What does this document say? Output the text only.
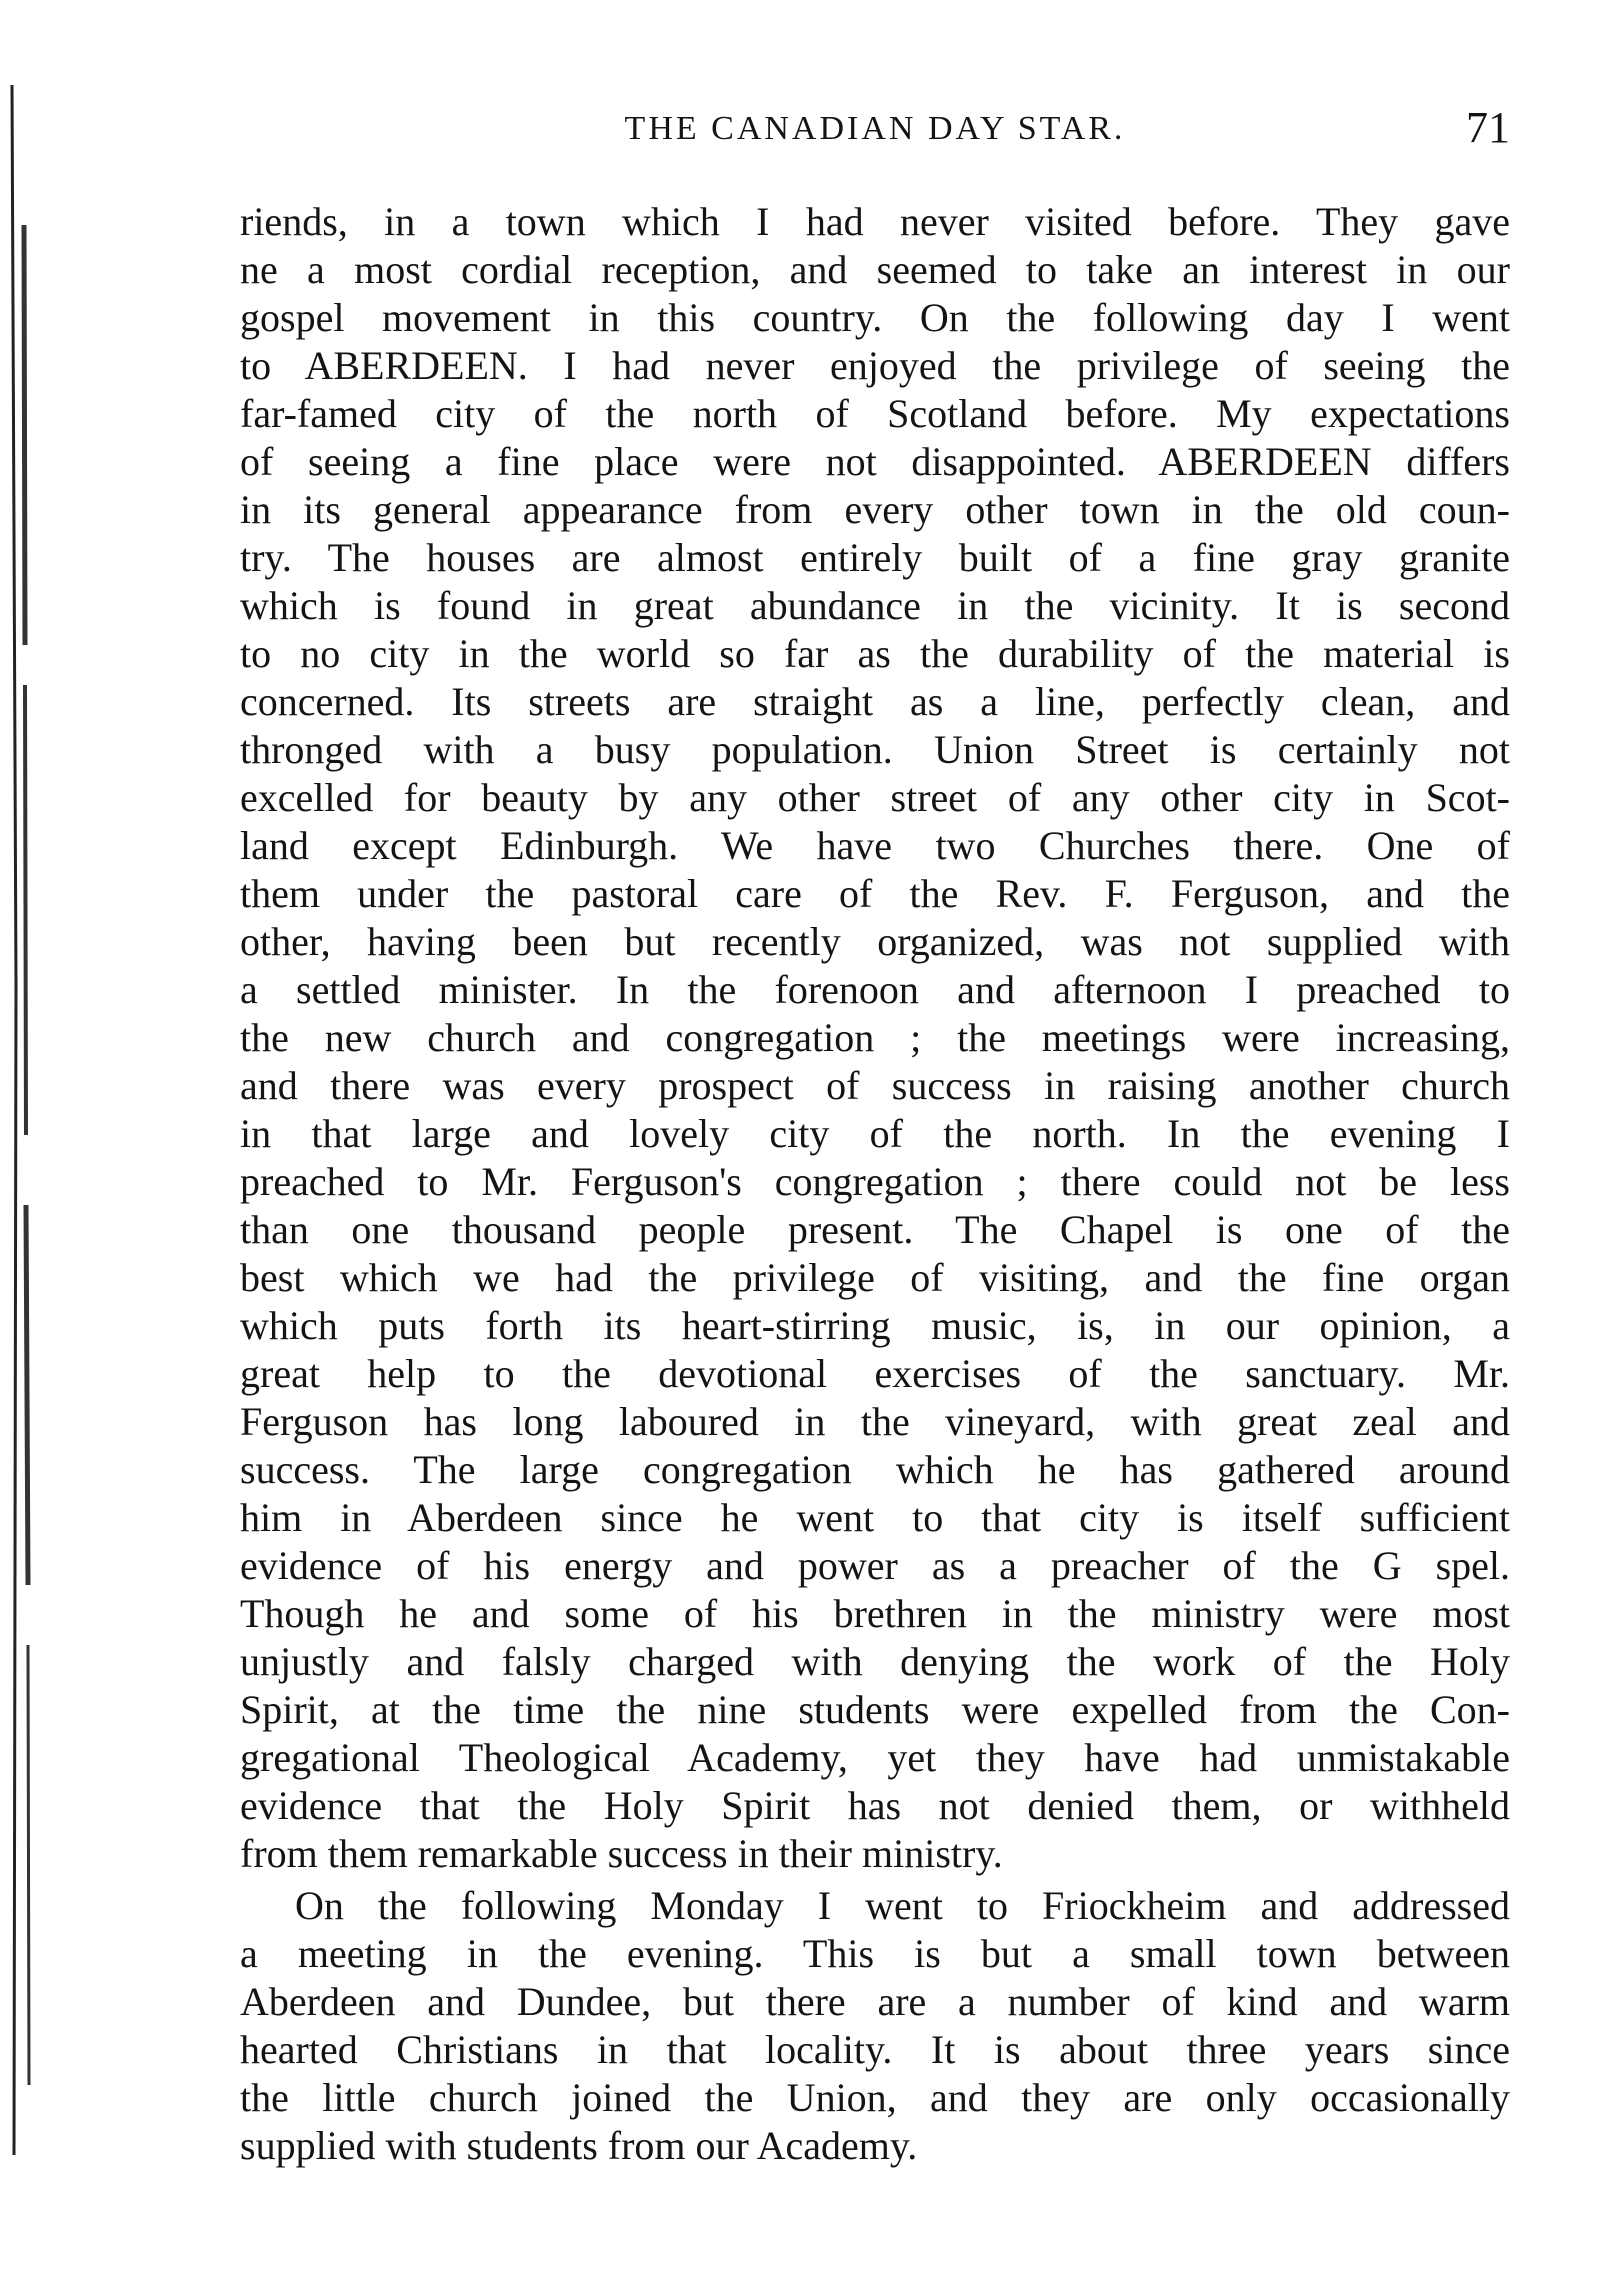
THE CANADIAN DAY STAR.	71
riends, in a town which I had never visited before. They gave
ne a most cordial reception, and seemed to take an interest in our
gospel movement in this country. On the following day I went
to ABERDEEN. I had never enjoyed the privilege of seeing the
far-famed city of the north of Scotland before. My expectations
of seeing a fine place were not disappointed. ABERDEEN differs
in its general appearance from every other town in the old coun-
try. The houses are almost entirely built of a fine gray granite
which is found in great abundance in the vicinity. It is second
to no city in the world so far as the durability of the material is
concerned. Its streets are straight as a line, perfectly clean, and
thronged with a busy population. Union Street is certainly not
excelled for beauty by any other street of any other city in Scot-
land except Edinburgh. We have two Churches there. One of
them under the pastoral care of the Rev. F. Ferguson, and the
other, having been but recently organized, was not supplied with
a settled minister. In the forenoon and afternoon I preached to
the new church and congregation ; the meetings were increasing,
and there was every prospect of success in raising another church
in that large and lovely city of the north. In the evening I
preached to Mr. Ferguson's congregation ; there could not be less
than one thousand people present. The Chapel is one of the
best which we had the privilege of visiting, and the fine organ
which puts forth its heart-stirring music, is, in our opinion, a
great help to the devotional exercises of the sanctuary. Mr.
Ferguson has long laboured in the vineyard, with great zeal and
success. The large congregation which he has gathered around
him in Aberdeen since he went to that city is itself sufficient
evidence of his energy and power as a preacher of the G spel.
Though he and some of his brethren in the ministry were most
unjustly and falsly charged with denying the work of the Holy
Spirit, at the time the nine students were expelled from the Con-
gregational Theological Academy, yet they have had unmistakable
evidence that the Holy Spirit has not denied them, or withheld
from them remarkable success in their ministry.
On the following Monday I went to Friockheim and addressed
a meeting in the evening. This is but a small town between
Aberdeen and Dundee, but there are a number of kind and warm
hearted Christians in that locality. It is about three years since
the little church joined the Union, and they are only occasionally
supplied with students from our Academy.
